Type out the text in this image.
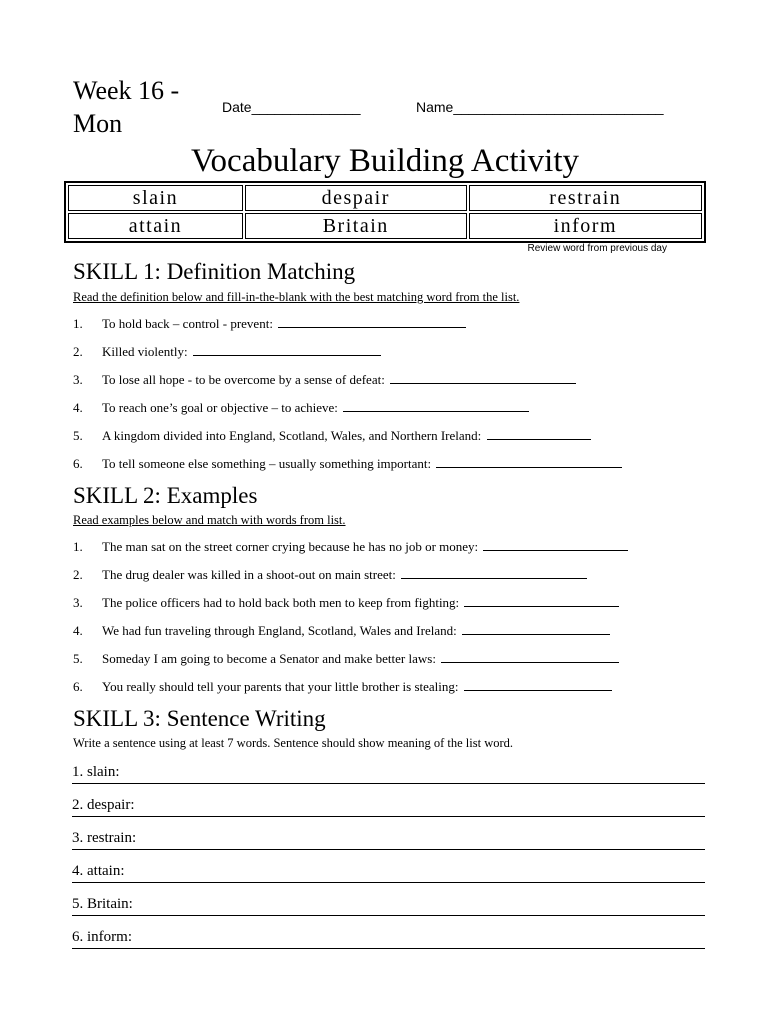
Week 16 -
Mon
Date______________	Name___________________________
Vocabulary Building Activity
slain	despair	restrain
attain	Britain	inform
Review word from previous day
SKILL 1: Definition Matching
Read the definition below and fill-in-the-blank with the best matching word from the list.
1. To hold back – control - prevent:
2. Killed violently:
3. To lose all hope - to be overcome by a sense of defeat:
4. To reach one’s goal or objective – to achieve:
5. A kingdom divided into England, Scotland, Wales, and Northern Ireland:
6. To tell someone else something – usually something important:
SKILL 2: Examples
Read examples below and match with words from list.
1. The man sat on the street corner crying because he has no job or money:
2. The drug dealer was killed in a shoot-out on main street:
3. The police officers had to hold back both men to keep from fighting:
4. We had fun traveling through England, Scotland, Wales and Ireland:
5. Someday I am going to become a Senator and make better laws:
6. You really should tell your parents that your little brother is stealing:
SKILL 3: Sentence Writing
Write a sentence using at least 7 words. Sentence should show meaning of the list word.
1. slain:
2. despair:
3. restrain:
4. attain:
5. Britain:
6. inform:
